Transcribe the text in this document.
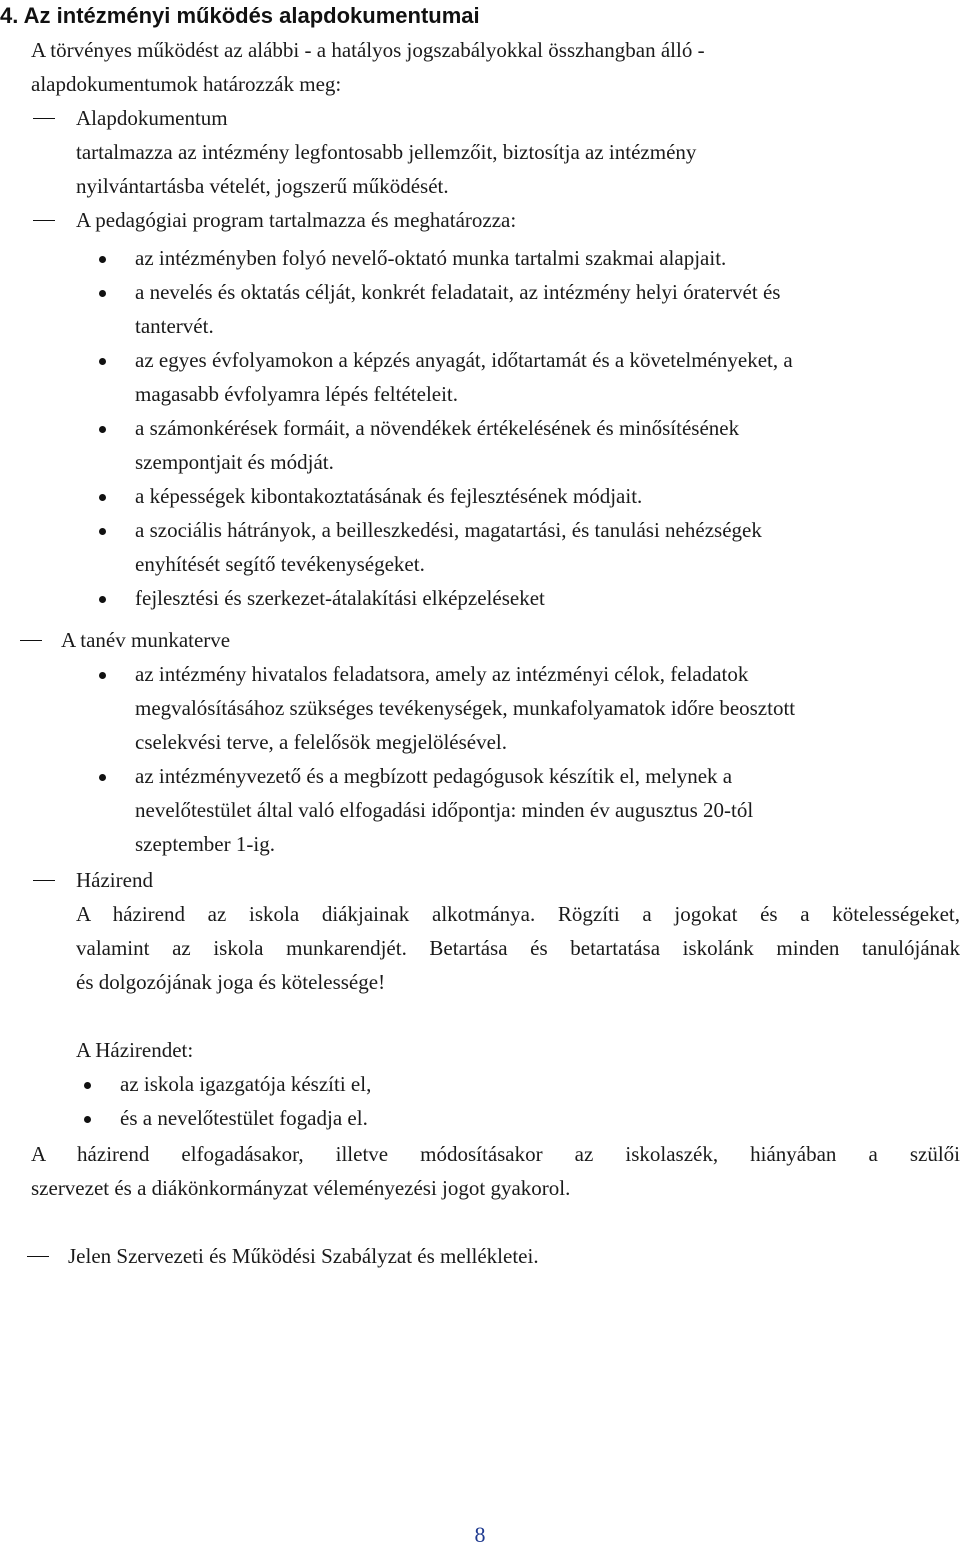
4. Az intézményi működés alapdokumentumai
A törvényes működést az alábbi - a hatályos jogszabályokkal összhangban álló -
alapdokumentumok határozzák meg:
Alapdokumentum
tartalmazza az intézmény legfontosabb jellemzőit, biztosítja az intézmény
nyilvántartásba vételét, jogszerű működését.
A pedagógiai program tartalmazza és meghatározza:
az intézményben folyó nevelő-oktató munka tartalmi szakmai alapjait.
a nevelés és oktatás célját, konkrét feladatait, az intézmény helyi óratervét és
tantervét.
az egyes évfolyamokon a képzés anyagát, időtartamát és a követelményeket, a
magasabb évfolyamra lépés feltételeit.
a számonkérések formáit, a növendékek értékelésének és minősítésének
szempontjait és módját.
a képességek kibontakoztatásának és fejlesztésének módjait.
a szociális hátrányok, a beilleszkedési, magatartási, és tanulási nehézségek
enyhítését segítő tevékenységeket.
fejlesztési és szerkezet-átalakítási elképzeléseket
A tanév munkaterve
az intézmény hivatalos feladatsora, amely az intézményi célok, feladatok
megvalósításához szükséges tevékenységek, munkafolyamatok időre beosztott
cselekvési terve, a felelősök megjelölésével.
az intézményvezető és a megbízott pedagógusok készítik el, melynek a
nevelőtestület által való elfogadási időpontja: minden év augusztus 20-tól
szeptember 1-ig.
Házirend
A házirend az iskola diákjainak alkotmánya. Rögzíti a jogokat és a kötelességeket,
valamint az iskola munkarendjét. Betartása és betartatása iskolánk minden tanulójának
és dolgozójának joga és kötelessége!
A Házirendet:
az iskola igazgatója készíti el,
és a nevelőtestület fogadja el.
A házirend elfogadásakor, illetve módosításakor az iskolaszék, hiányában a szülői
szervezet és a diákönkormányzat véleményezési jogot gyakorol.
Jelen Szervezeti és Működési Szabályzat és mellékletei.
8
